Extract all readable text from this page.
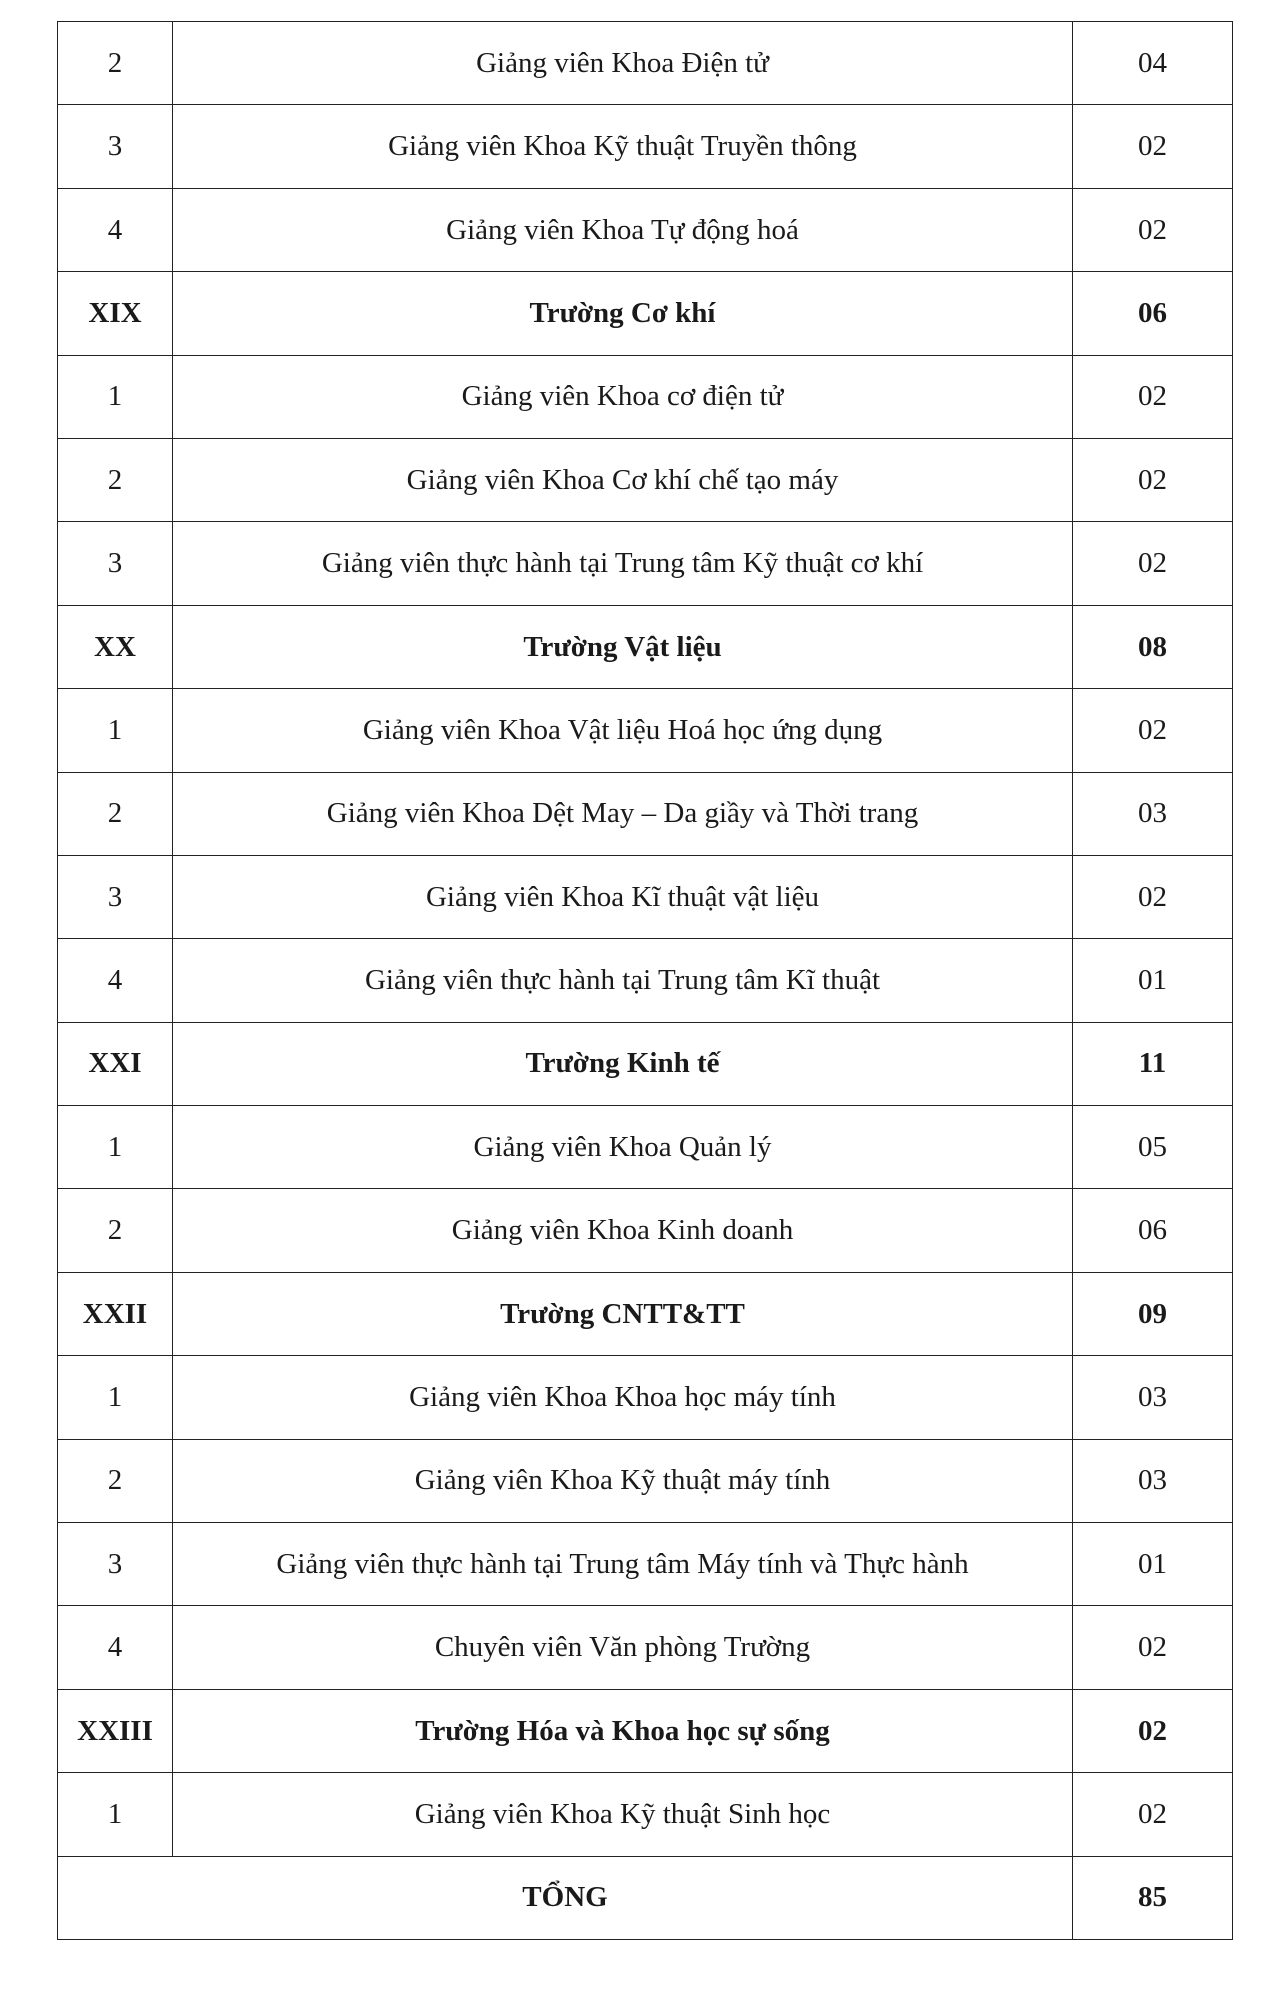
2	Giảng viên Khoa Điện tử	04
3	Giảng viên Khoa Kỹ thuật Truyền thông	02
4	Giảng viên Khoa Tự động hoá	02
XIX	Trường Cơ khí	06
1	Giảng viên Khoa cơ điện tử	02
2	Giảng viên Khoa Cơ khí chế tạo máy	02
3	Giảng viên thực hành tại Trung tâm Kỹ thuật cơ khí	02
XX	Trường Vật liệu	08
1	Giảng viên Khoa Vật liệu Hoá học ứng dụng	02
2	Giảng viên Khoa Dệt May – Da giầy và Thời trang	03
3	Giảng viên Khoa Kĩ thuật vật liệu	02
4	Giảng viên thực hành tại Trung tâm Kĩ thuật	01
XXI	Trường Kinh tế	11
1	Giảng viên Khoa Quản lý	05
2	Giảng viên Khoa Kinh doanh	06
XXII	Trường CNTT&TT	09
1	Giảng viên Khoa Khoa học máy tính	03
2	Giảng viên Khoa Kỹ thuật máy tính	03
3	Giảng viên thực hành tại Trung tâm Máy tính và Thực hành	01
4	Chuyên viên Văn phòng Trường	02
XXIII	Trường Hóa và Khoa học sự sống	02
1	Giảng viên Khoa Kỹ thuật Sinh học	02
TỔNG		85
